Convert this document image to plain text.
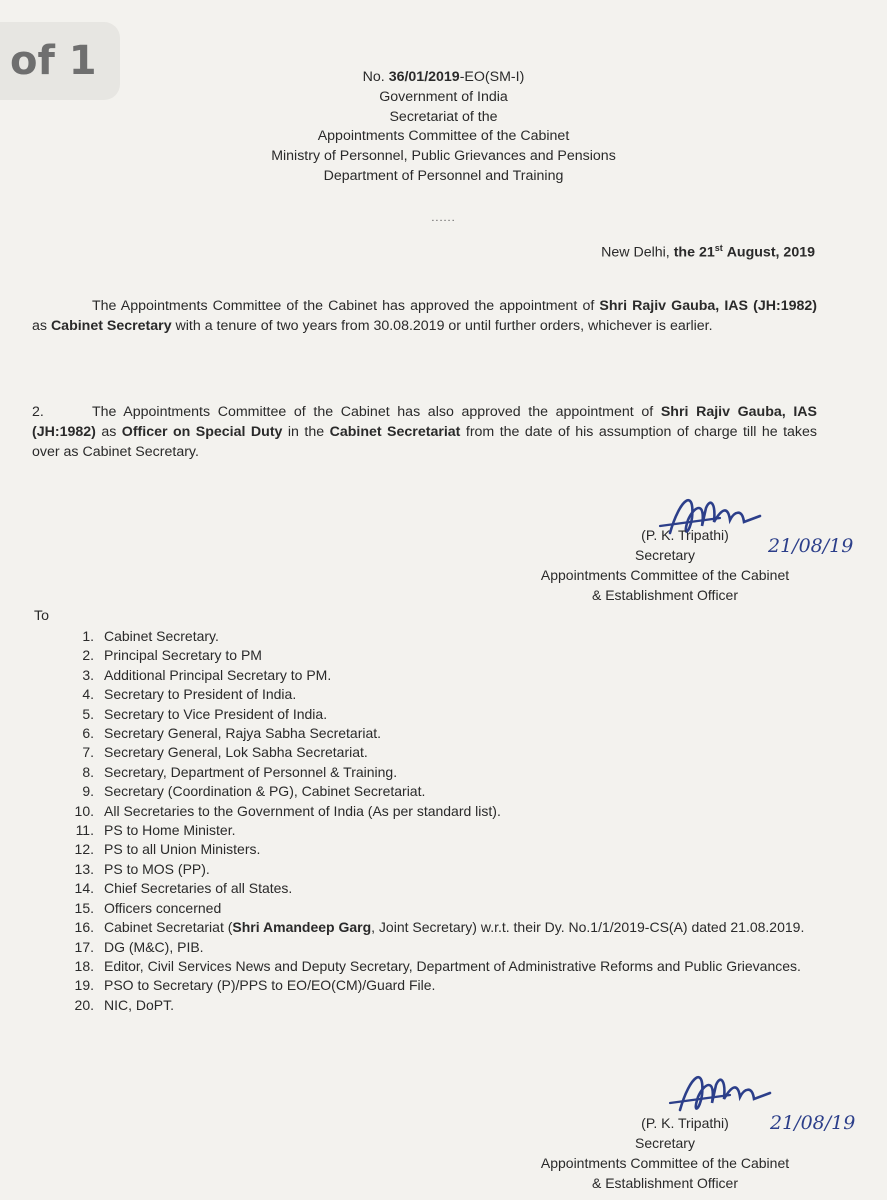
of 1	No. 36/01/2019-EO(SM-I)
Government of India
Secretariat of the
Appointments Committee of the Cabinet
Ministry of Personnel, Public Grievances and Pensions
Department of Personnel and Training
......
New Delhi, the 21st August, 2019
The Appointments Committee of the Cabinet has approved the appointment of Shri Rajiv Gauba, IAS (JH:1982) as Cabinet Secretary with a tenure of two years from 30.08.2019 or until further orders, whichever is earlier.
2.	The Appointments Committee of the Cabinet has also approved the appointment of Shri Rajiv Gauba, IAS (JH:1982) as Officer on Special Duty in the Cabinet Secretariat from the date of his assumption of charge till he takes over as Cabinet Secretary.
21/08/19
(P. K. Tripathi)
Secretary
Appointments Committee of the Cabinet
& Establishment Officer
To
1. Cabinet Secretary.
2. Principal Secretary to PM
3. Additional Principal Secretary to PM.
4. Secretary to President of India.
5. Secretary to Vice President of India.
6. Secretary General, Rajya Sabha Secretariat.
7. Secretary General, Lok Sabha Secretariat.
8. Secretary, Department of Personnel & Training.
9. Secretary (Coordination & PG), Cabinet Secretariat.
10. All Secretaries to the Government of India (As per standard list).
11. PS to Home Minister.
12. PS to all Union Ministers.
13. PS to MOS (PP).
14. Chief Secretaries of all States.
15. Officers concerned
16. Cabinet Secretariat (Shri Amandeep Garg, Joint Secretary) w.r.t. their Dy. No.1/1/2019-CS(A) dated 21.08.2019.
17. DG (M&C), PIB.
18. Editor, Civil Services News and Deputy Secretary, Department of Administrative Reforms and Public Grievances.
19. PSO to Secretary (P)/PPS to EO/EO(CM)/Guard File.
20. NIC, DoPT.
21/08/19
(P. K. Tripathi)
Secretary
Appointments Committee of the Cabinet
& Establishment Officer
